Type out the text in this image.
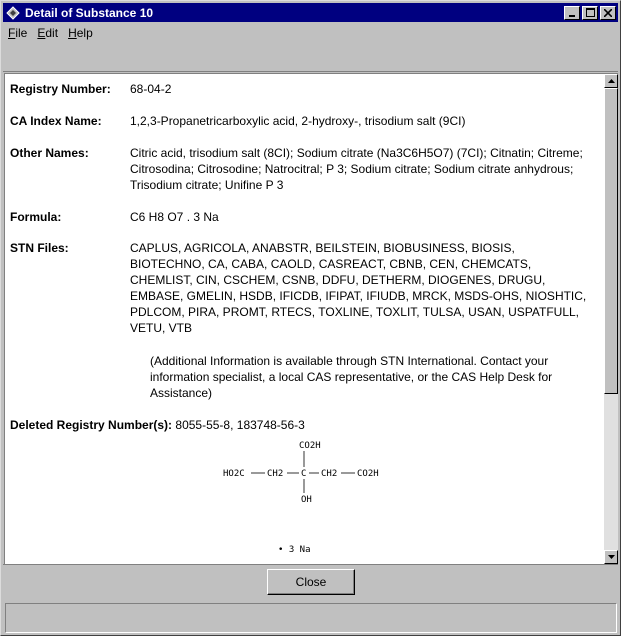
Detail of Substance 10
File Edit Help
Registry Number:	68-04-2
CA Index Name:	1,2,3-Propanetricarboxylic acid, 2-hydroxy-, trisodium salt (9CI)
Other Names:	Citric acid, trisodium salt (8CI); Sodium citrate (Na3C6H5O7) (7CI); Citnatin; Citreme; Citrosodina; Citrosodine; Natrocitral; P 3; Sodium citrate; Sodium citrate anhydrous; Trisodium citrate; Unifine P 3
Formula:	C6 H8 O7 . 3 Na
STN Files:	CAPLUS, AGRICOLA, ANABSTR, BEILSTEIN, BIOBUSINESS, BIOSIS, BIOTECHNO, CA, CABA, CAOLD, CASREACT, CBNB, CEN, CHEMCATS, CHEMLIST, CIN, CSCHEM, CSNB, DDFU, DETHERM, DIOGENES, DRUGU, EMBASE, GMELIN, HSDB, IFICDB, IFIPAT, IFIUDB, MRCK, MSDS-OHS, NIOSHTIC, PDLCOM, PIRA, PROMT, RTECS, TOXLINE, TOXLIT, TULSA, USAN, USPATFULL, VETU, VTB
(Additional Information is available through STN International. Contact your information specialist, a local CAS representative, or the CAS Help Desk for Assistance)
Deleted Registry Number(s): 8055-55-8, 183748-56-3
CO2H
HO2C CH2 C CH2 CO2H
OH
• 3 Na
Close
